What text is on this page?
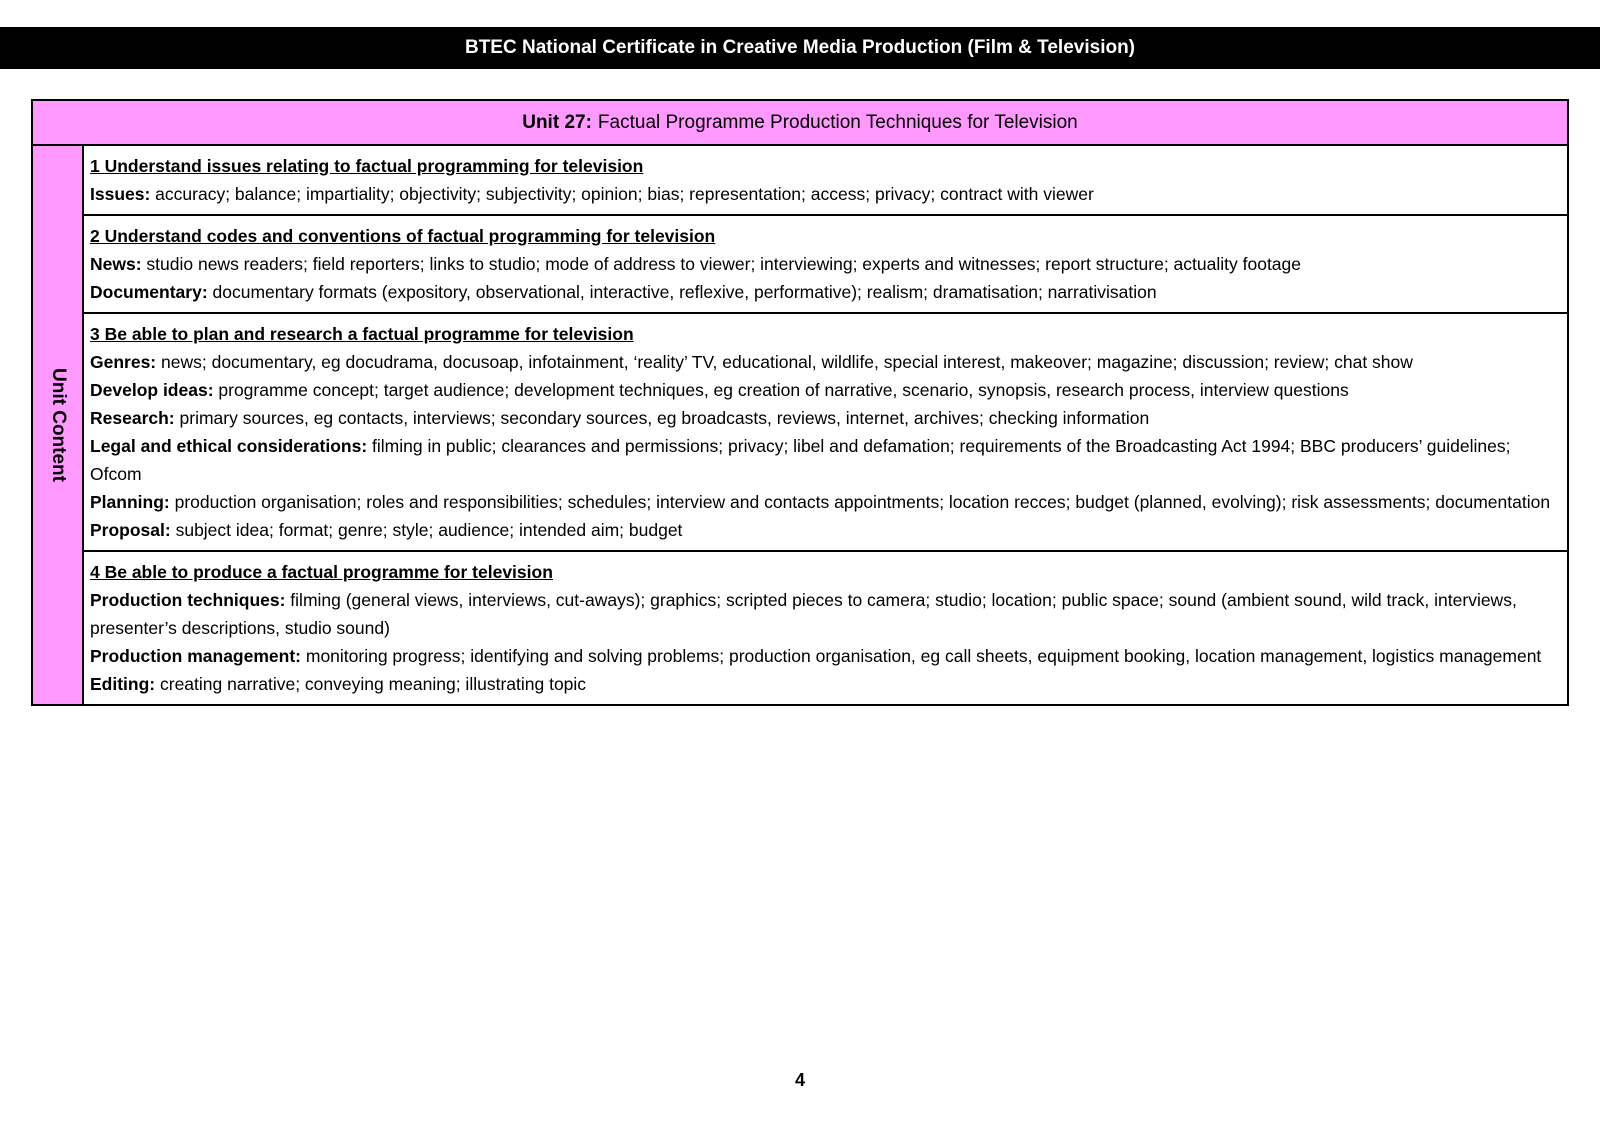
BTEC National Certificate in Creative Media Production (Film & Television)
Unit 27: Factual Programme Production Techniques for Television
Unit Content
1 Understand issues relating to factual programming for television
Issues: accuracy; balance; impartiality; objectivity; subjectivity; opinion; bias; representation; access; privacy; contract with viewer
2 Understand codes and conventions of factual programming for television
News: studio news readers; field reporters; links to studio; mode of address to viewer; interviewing; experts and witnesses; report structure; actuality footage
Documentary: documentary formats (expository, observational, interactive, reflexive, performative); realism; dramatisation; narrativisation
3 Be able to plan and research a factual programme for television
Genres: news; documentary, eg docudrama, docusoap, infotainment, ‘reality’ TV, educational, wildlife, special interest, makeover; magazine; discussion; review; chat show
Develop ideas: programme concept; target audience; development techniques, eg creation of narrative, scenario, synopsis, research process, interview questions
Research: primary sources, eg contacts, interviews; secondary sources, eg broadcasts, reviews, internet, archives; checking information
Legal and ethical considerations: filming in public; clearances and permissions; privacy; libel and defamation; requirements of the Broadcasting Act 1994; BBC producers’ guidelines; Ofcom
Planning: production organisation; roles and responsibilities; schedules; interview and contacts appointments; location recces; budget (planned, evolving); risk assessments; documentation
Proposal: subject idea; format; genre; style; audience; intended aim; budget
4 Be able to produce a factual programme for television
Production techniques: filming (general views, interviews, cut-aways); graphics; scripted pieces to camera; studio; location; public space; sound (ambient sound, wild track, interviews, presenter’s descriptions, studio sound)
Production management: monitoring progress; identifying and solving problems; production organisation, eg call sheets, equipment booking, location management, logistics management
Editing: creating narrative; conveying meaning; illustrating topic
4
